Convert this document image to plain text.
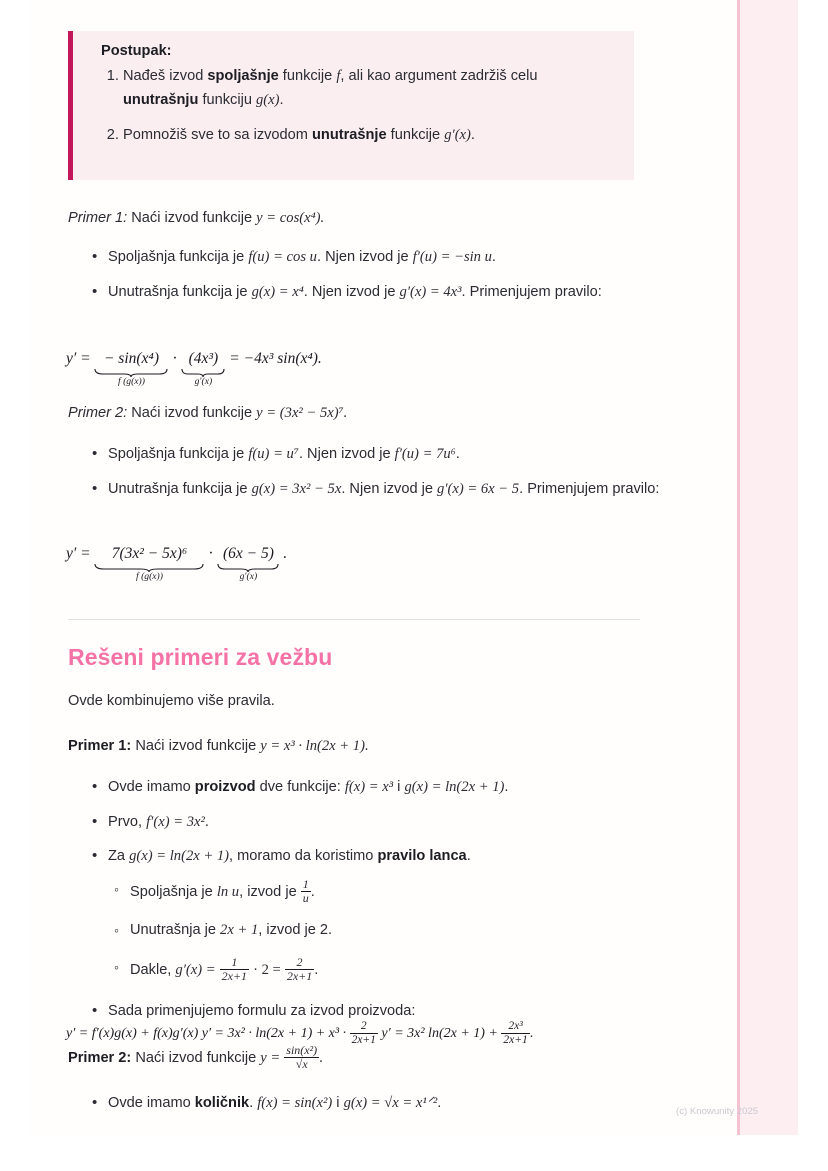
Postupak:
1. Nađeš izvod spoljašnje funkcije f, ali kao argument zadržiš celu unutrašnju funkciju g(x).
2. Pomnožiš sve to sa izvodom unutrašnje funkcije g′(x).
Primer 1: Naći izvod funkcije y = cos(x⁴).
• Spoljašnja funkcija je f(u) = cos u. Njen izvod je f′(u) = −sin u.
• Unutrašnja funkcija je g(x) = x⁴. Njen izvod je g′(x) = 4x³. Primenjujem pravilo:
y′ = − sin(x⁴)
f (g(x))
· (4x³)
g′(x)
= −4x³ sin(x⁴).
Primer 2: Naći izvod funkcije y = (3x² − 5x)⁷.
• Spoljašnja funkcija je f(u) = u⁷. Njen izvod je f′(u) = 7u⁶.
• Unutrašnja funkcija je g(x) = 3x² − 5x. Njen izvod je g′(x) = 6x − 5. Primenjujem pravilo:
y′ =	7(3x² − 5x)⁶
f (g(x))
· (6x − 5)
g′(x)
.
Rešeni primeri za vežbu
Ovde kombinujemo više pravila.
Primer 1: Naći izvod funkcije y = x³ · ln(2x + 1).
• Ovde imamo proizvod dve funkcije: f(x) = x³ i g(x) = ln(2x + 1).
• Prvo, f′(x) = 3x².
• Za g(x) = ln(2x + 1), moramo da koristimo pravilo lanca.
◦ Spoljašnja je ln u, izvod je $\frac{1}{u}$ .
◦ Unutrašnja je 2x + 1, izvod je 2.
◦ Dakle, $g'(x) = \frac{1}{2x+1} \cdot 2 = \frac{2}{2x+1}$ .
• Sada primenjujemo formulu za izvod proizvoda:
y′ = f′(x)g(x) + f(x)g′(x) $y' = 3x^2 \cdot \ln(2x + 1) + x^3 \cdot \frac{2}{2x+1} y' = 3x^2$ $\ln(2x + 1) + \frac{\text{2x³}}{2x+1}$ .
Primer 2: Naći izvod funkcije $y = \frac{\text{sin(x²)}}{√x}$ .
• Ovde imamo količnik. f(x) = sin(x²) i g(x) = √x = x¹ᐟ².
(c) Knowunity 2025
